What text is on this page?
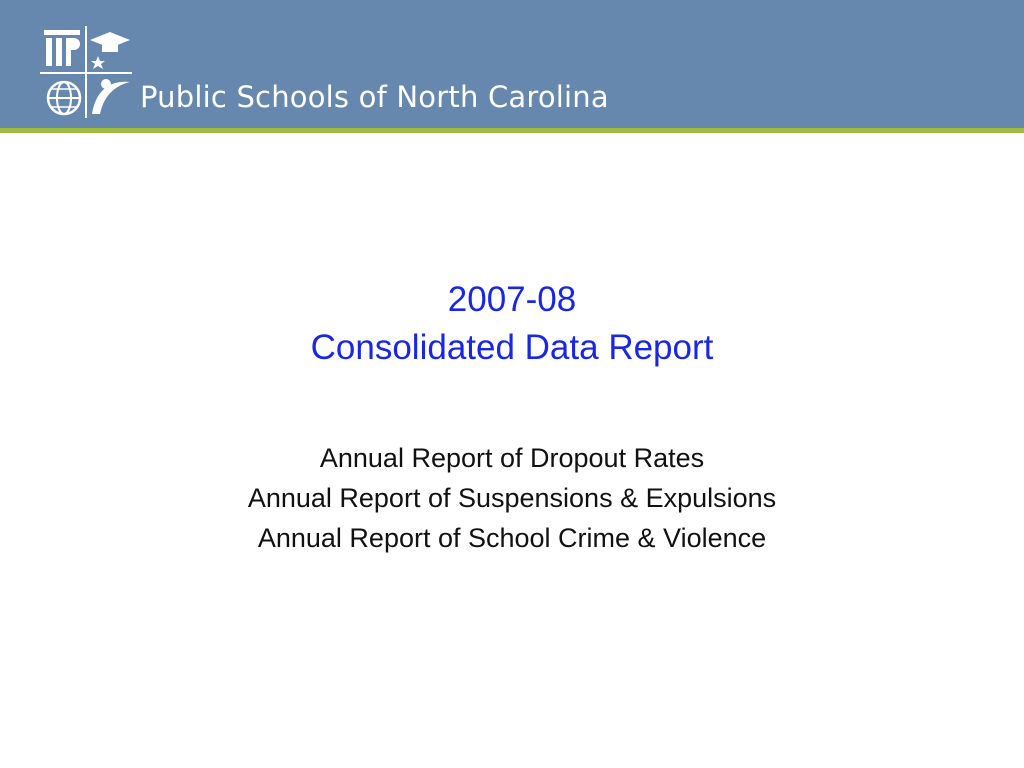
Public Schools of North Carolina
2007-08
Consolidated Data Report
Annual Report of Dropout Rates
Annual Report of Suspensions & Expulsions
Annual Report of School Crime & Violence
